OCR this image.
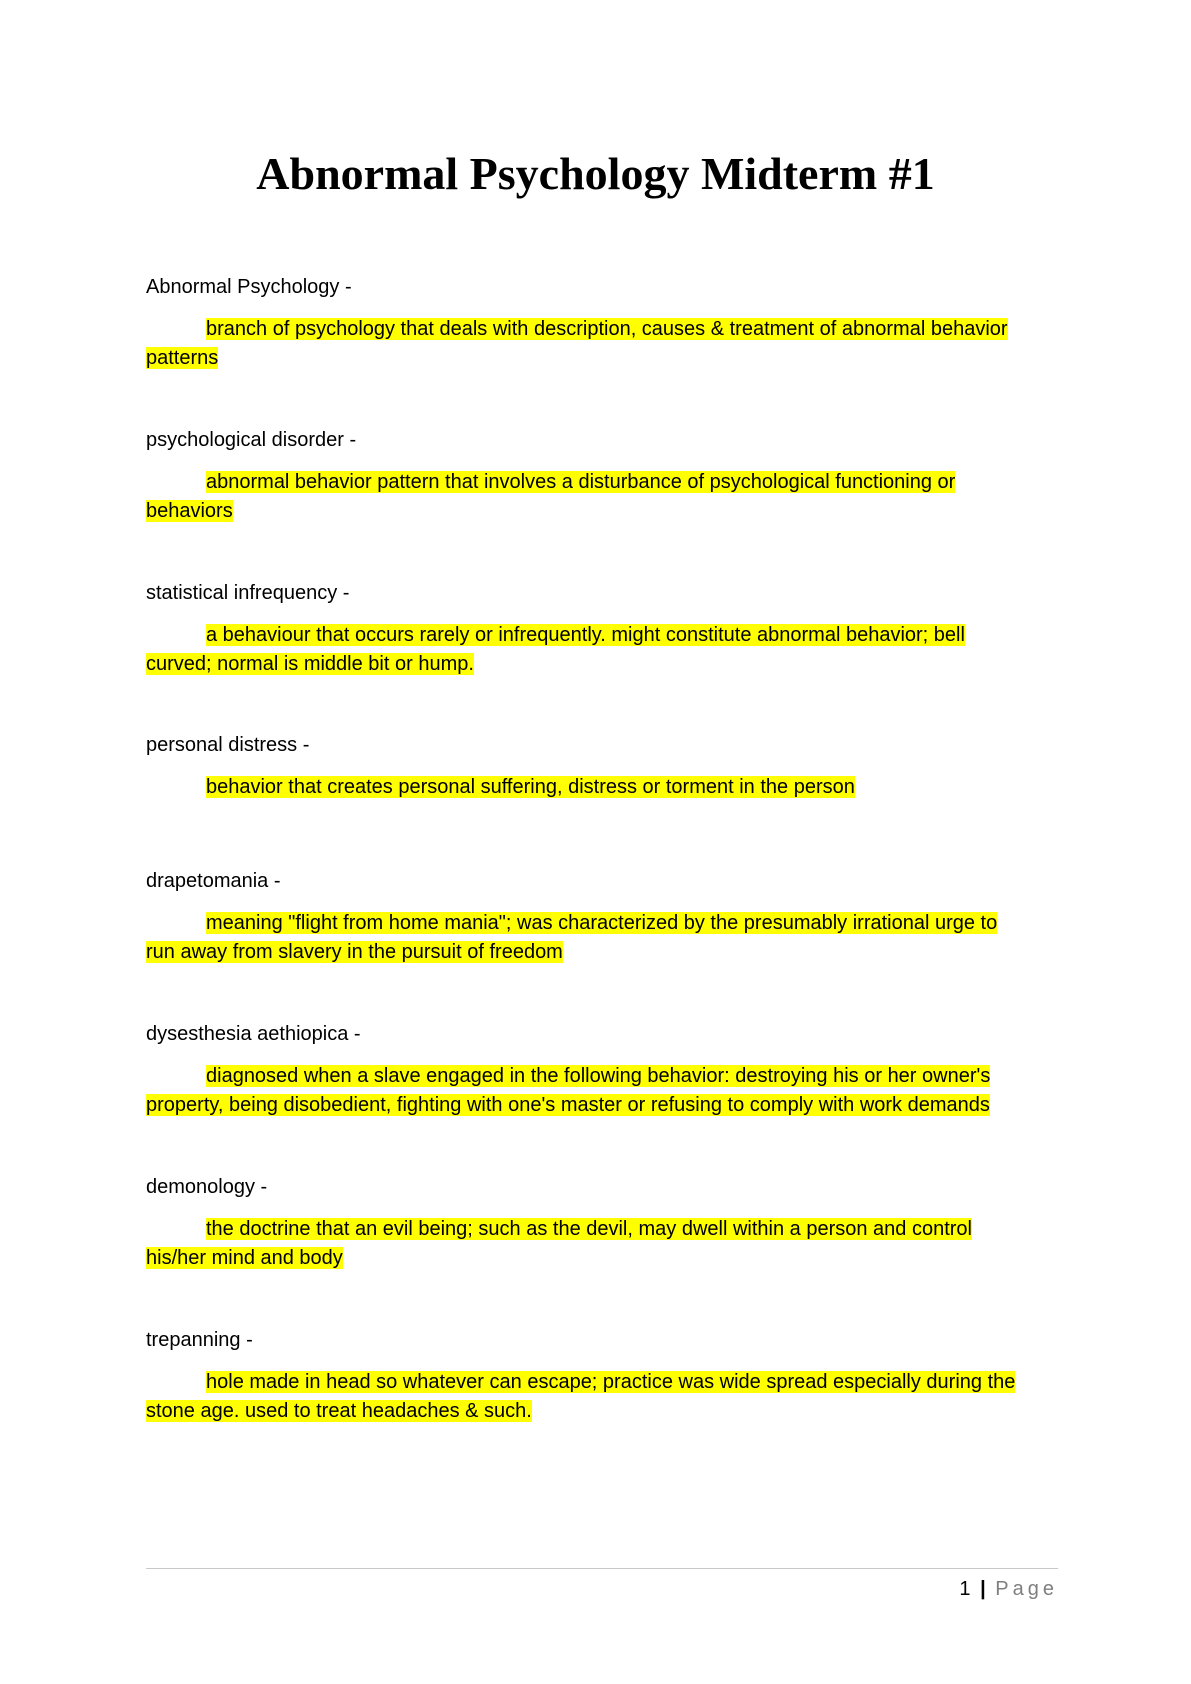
Abnormal Psychology Midterm #1

Abnormal Psychology -

branch of psychology that deals with description, causes & treatment of abnormal behavior patterns

psychological disorder -

abnormal behavior pattern that involves a disturbance of psychological functioning or behaviors

statistical infrequency -

a behaviour that occurs rarely or infrequently. might constitute abnormal behavior; bell curved; normal is middle bit or hump.

personal distress -

behavior that creates personal suffering, distress or torment in the person

drapetomania -

meaning "flight from home mania"; was characterized by the presumably irrational urge to run away from slavery in the pursuit of freedom

dysesthesia aethiopica -

diagnosed when a slave engaged in the following behavior: destroying his or her owner's property, being disobedient, fighting with one's master or refusing to comply with work demands

demonology -

the doctrine that an evil being; such as the devil, may dwell within a person and control his/her mind and body

trepanning -

hole made in head so whatever can escape; practice was wide spread especially during the stone age. used to treat headaches & such.

1 | Page
